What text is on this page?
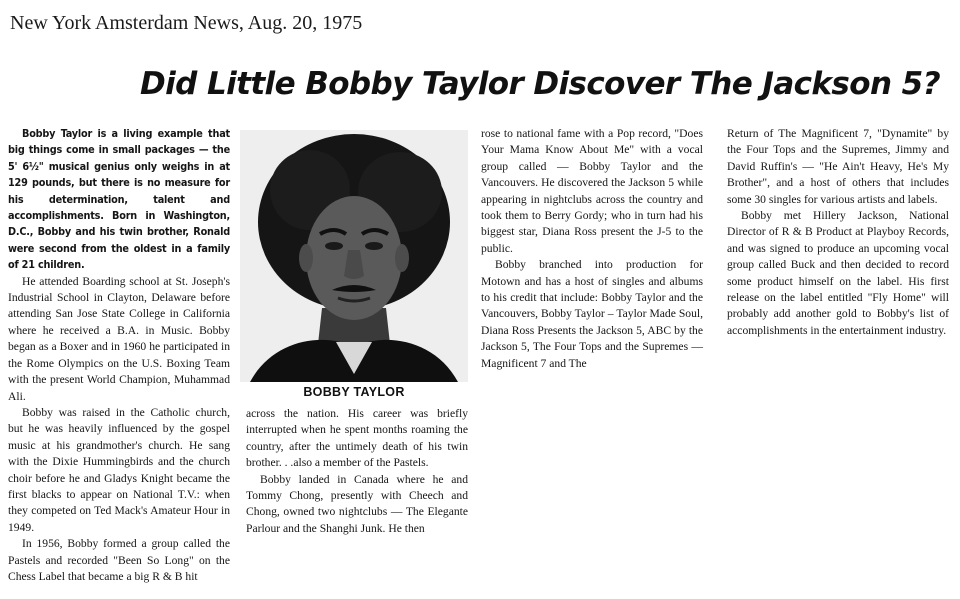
New York Amsterdam News, Aug. 20, 1975
Did Little Bobby Taylor Discover The Jackson 5?

Bobby Taylor is a living example that big things come in small packages — the 5' 6½" musical genius only weighs in at 129 pounds, but there is no measure for his determination, talent and accomplishments. Born in Washington, D.C., Bobby and his twin brother, Ronald were second from the oldest in a family of 21 children.

He attended Boarding school at St. Joseph's Industrial School in Clayton, Delaware before attending San Jose State College in California where he received a B.A. in Music. Bobby began as a Boxer and in 1960 he participated in the Rome Olympics on the U.S. Boxing Team with the present World Champion, Muhammad Ali.

Bobby was raised in the Catholic church, but he was heavily influenced by the gospel music at his grandmother's church. He sang with the Dixie Hummingbirds and the church choir before he and Gladys Knight became the first blacks to appear on National T.V.: when they competed on Ted Mack's Amateur Hour in 1949.

In 1956, Bobby formed a group called the Pastels and recorded "Been So Long" on the Chess Label that became a big R & B hit

BOBBY TAYLOR

across the nation. His career was briefly interrupted when he spent months roaming the country, after the untimely death of his twin brother. . .also a member of the Pastels.

Bobby landed in Canada where he and Tommy Chong, presently with Cheech and Chong, owned two nightclubs — The Elegante Parlour and the Shanghi Junk. He then

rose to national fame with a Pop record, "Does Your Mama Know About Me" with a vocal group called — Bobby Taylor and the Vancouvers. He discovered the Jackson 5 while appearing in nightclubs across the country and took them to Berry Gordy; who in turn had his biggest star, Diana Ross present the J-5 to the public.

Bobby branched into production for Motown and has a host of singles and albums to his credit that include: Bobby Taylor and the Vancouvers, Bobby Taylor – Taylor Made Soul, Diana Ross Presents the Jackson 5, ABC by the Jackson 5, The Four Tops and the Supremes — Magnificent 7 and The

Return of The Magnificent 7, "Dynamite" by the Four Tops and the Supremes, Jimmy and David Ruffin's — "He Ain't Heavy, He's My Brother", and a host of others that includes some 30 singles for various artists and labels.

Bobby met Hillery Jackson, National Director of R & B Product at Playboy Records, and was signed to produce an upcoming vocal group called Buck and then decided to record some product himself on the label. His first release on the label entitled "Fly Home" will probably add another gold to Bobby's list of accomplishments in the entertainment industry.
